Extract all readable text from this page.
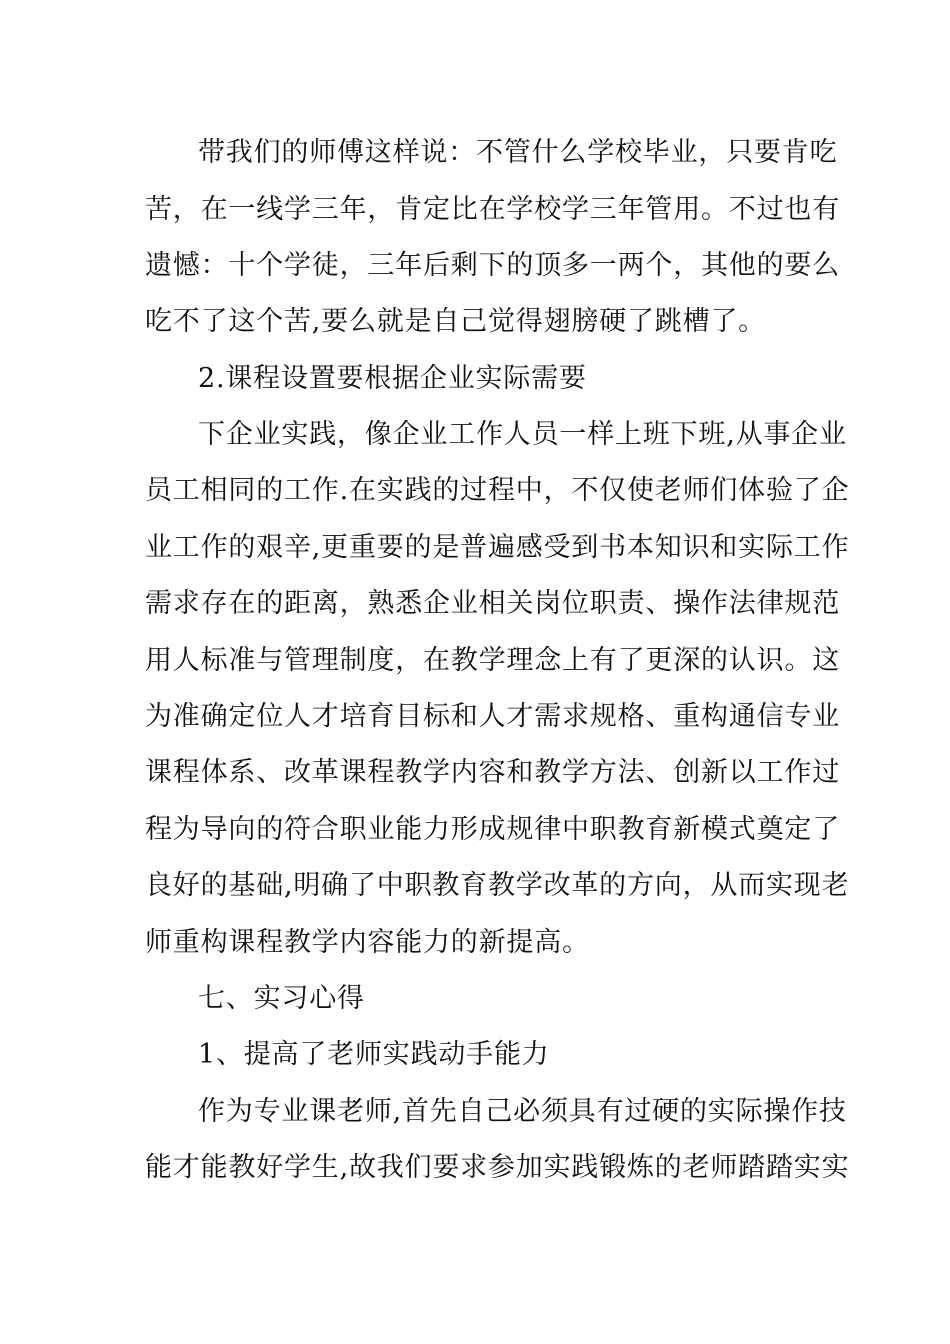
带我们的师傅这样说：不管什么学校毕业，只要肯吃
苦，在一线学三年，肯定比在学校学三年管用。不过也有
遗憾：十个学徒，三年后剩下的顶多一两个，其他的要么
吃不了这个苦,要么就是自己觉得翅膀硬了跳槽了。
2.课程设置要根据企业实际需要
下企业实践，像企业工作人员一样上班下班,从事企业
员工相同的工作.在实践的过程中，不仅使老师们体验了企
业工作的艰辛,更重要的是普遍感受到书本知识和实际工作
需求存在的距离，熟悉企业相关岗位职责、操作法律规范
用人标准与管理制度，在教学理念上有了更深的认识。这
为准确定位人才培育目标和人才需求规格、重构通信专业
课程体系、改革课程教学内容和教学方法、创新以工作过
程为导向的符合职业能力形成规律中职教育新模式奠定了
良好的基础,明确了中职教育教学改革的方向，从而实现老
师重构课程教学内容能力的新提高。
七、实习心得
1、提高了老师实践动手能力
作为专业课老师,首先自己必须具有过硬的实际操作技
能才能教好学生,故我们要求参加实践锻炼的老师踏踏实实
